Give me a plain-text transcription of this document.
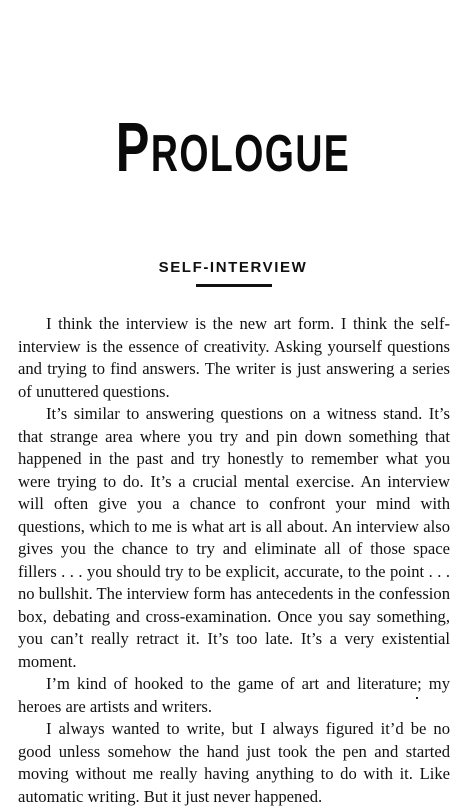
PROLOGUE
SELF-INTERVIEW

I think the interview is the new art form. I think the self-interview is the essence of creativity. Asking yourself questions and trying to find answers. The writer is just answering a series of unuttered questions.

It’s similar to answering questions on a witness stand. It’s that strange area where you try and pin down something that happened in the past and try honestly to remember what you were trying to do. It’s a crucial mental exercise. An interview will often give you a chance to confront your mind with questions, which to me is what art is all about. An interview also gives you the chance to try and eliminate all of those space fillers . . . you should try to be explicit, accurate, to the point . . . no bullshit. The interview form has antecedents in the confession box, debating and cross-examination. Once you say something, you can’t really retract it. It’s too late. It’s a very existential moment.

I’m kind of hooked to the game of art and literature; my heroes are artists and writers.

I always wanted to write, but I always figured it’d be no good unless somehow the hand just took the pen and started moving without me really having anything to do with it. Like automatic writing. But it just never happened.
